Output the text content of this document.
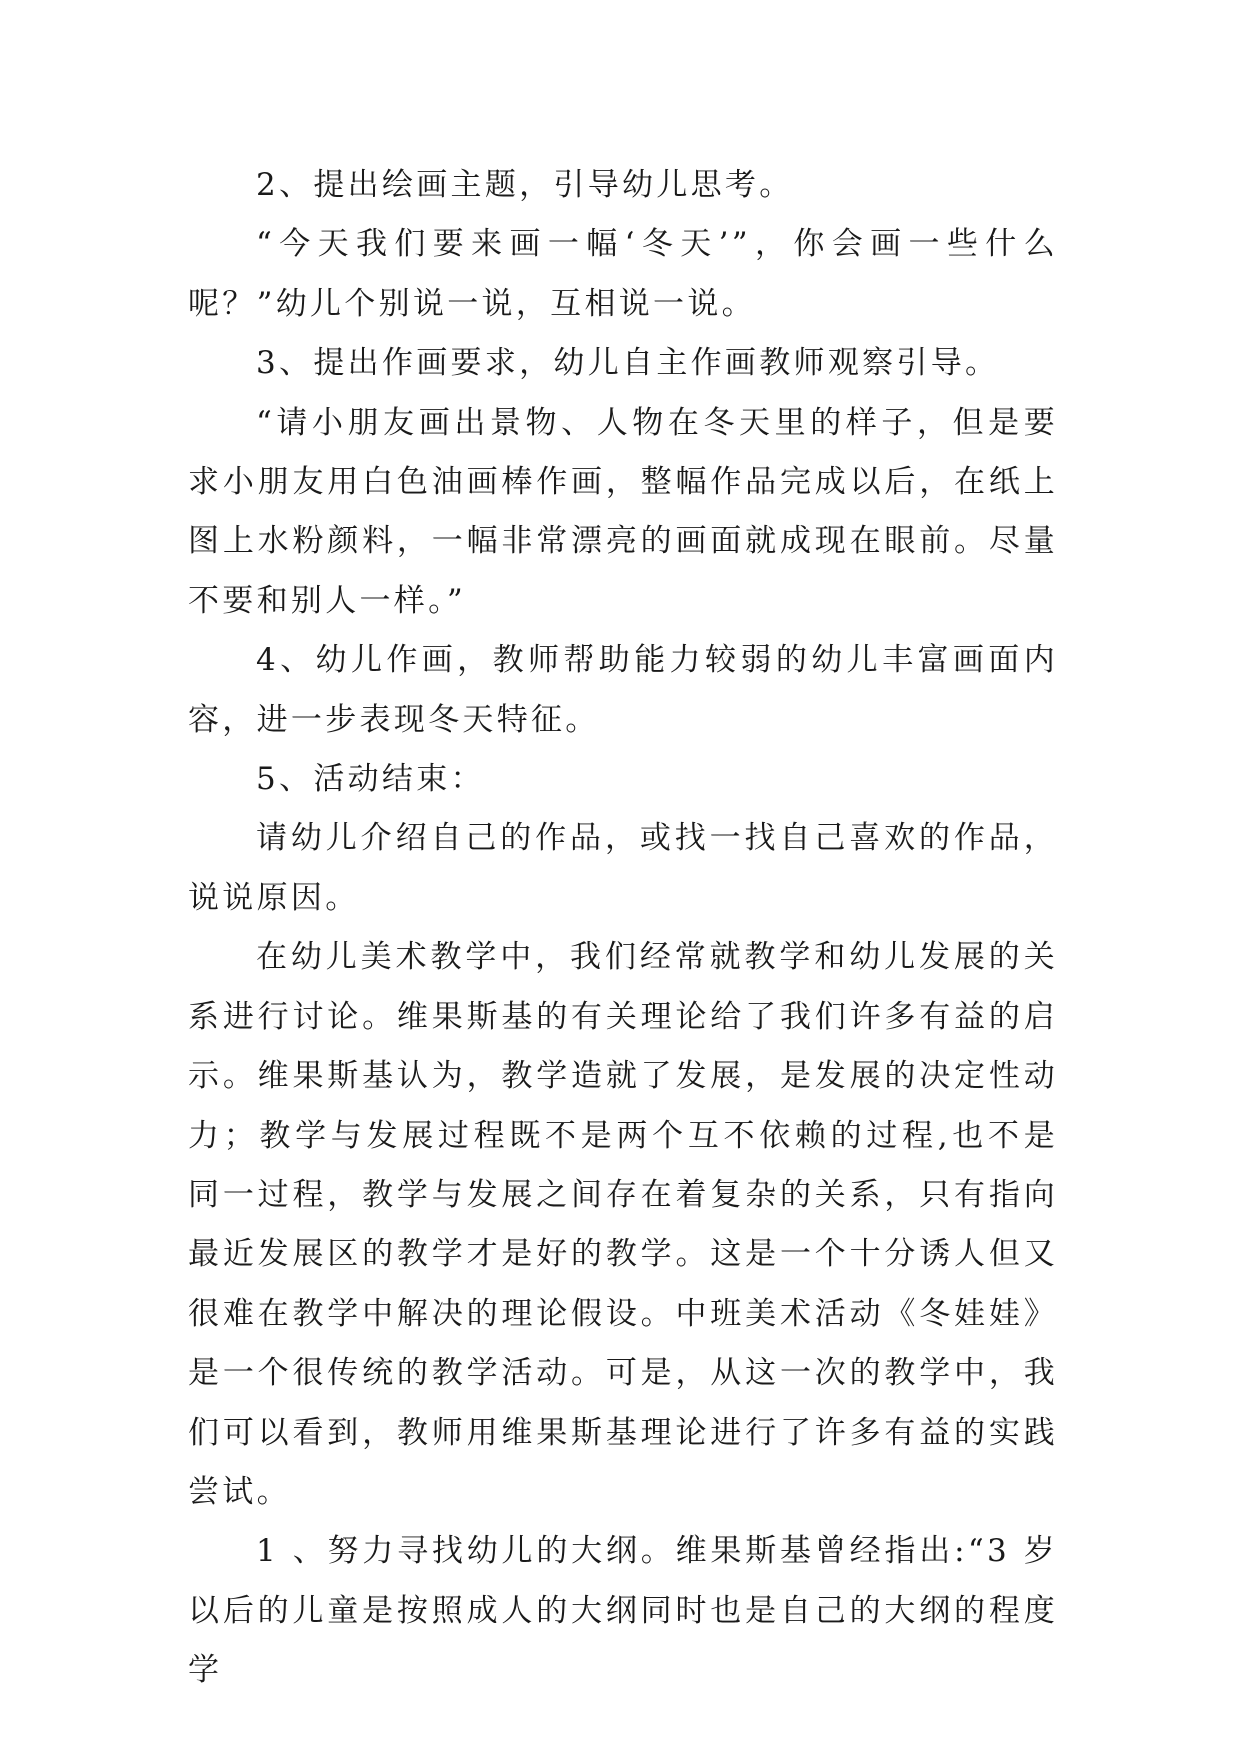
2、提出绘画主题，引导幼儿思考。

“今天我们要来画一幅‘冬天’”，你会画一些什么呢？”幼儿个别说一说，互相说一说。

3、提出作画要求，幼儿自主作画教师观察引导。

“请小朋友画出景物、人物在冬天里的样子，但是要求小朋友用白色油画棒作画，整幅作品完成以后，在纸上图上水粉颜料，一幅非常漂亮的画面就成现在眼前。尽量不要和别人一样。”

4、幼儿作画，教师帮助能力较弱的幼儿丰富画面内容，进一步表现冬天特征。

5、活动结束：

请幼儿介绍自己的作品，或找一找自己喜欢的作品，说说原因。

在幼儿美术教学中，我们经常就教学和幼儿发展的关系进行讨论。维果斯基的有关理论给了我们许多有益的启示。维果斯基认为，教学造就了发展，是发展的决定性动力；教学与发展过程既不是两个互不依赖的过程,也不是同一过程，教学与发展之间存在着复杂的关系，只有指向最近发展区的教学才是好的教学。这是一个十分诱人但又很难在教学中解决的理论假设。中班美术活动《冬娃娃》是一个很传统的教学活动。可是，从这一次的教学中，我们可以看到，教师用维果斯基理论进行了许多有益的实践尝试。

1 、努力寻找幼儿的大纲。维果斯基曾经指出:“3 岁以后的儿童是按照成人的大纲同时也是自己的大纲的程度学
